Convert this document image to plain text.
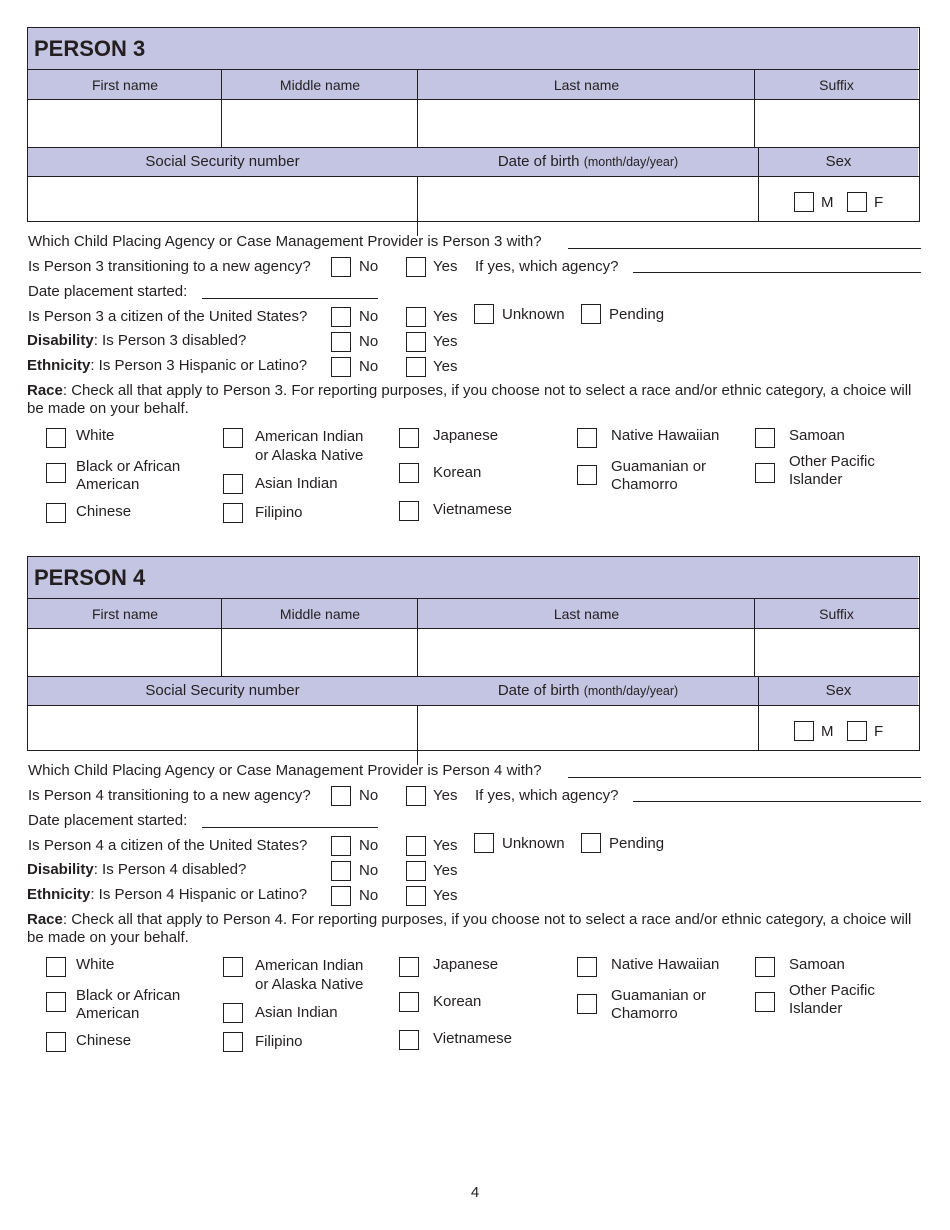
PERSON 3
First name	Middle name	Last name	Suffix
Social Security number	Date of birth (month/day/year)	Sex
M	F
Which Child Placing Agency or Case Management Provider is Person 3 with?
Is Person 3 transitioning to a new agency?	No	Yes If yes, which agency?
Date placement started:
Is Person 3 a citizen of the United States?	No	Yes	Unknown	Pending
Disability: Is Person 3 disabled?	No	Yes
Ethnicity: Is Person 3 Hispanic or Latino?	No	Yes
Race: Check all that apply to Person 3. For reporting purposes, if you choose not to select a race and/or ethnic category, a choice will be made on your behalf.
White
Black or African American
Chinese
American Indian or Alaska Native
Asian Indian
Filipino
Japanese
Korean
Vietnamese
Native Hawaiian
Guamanian or Chamorro
Samoan
Other Pacific Islander
PERSON 4
First name	Middle name	Last name	Suffix
Social Security number	Date of birth (month/day/year)	Sex
M	F
Which Child Placing Agency or Case Management Provider is Person 4 with?
Is Person 4 transitioning to a new agency?	No	Yes If yes, which agency?
Date placement started:
Is Person 4 a citizen of the United States?	No	Yes	Unknown	Pending
Disability: Is Person 4 disabled?	No	Yes
Ethnicity: Is Person 4 Hispanic or Latino?	No	Yes
Race: Check all that apply to Person 4. For reporting purposes, if you choose not to select a race and/or ethnic category, a choice will be made on your behalf.
White
Black or African American
Chinese
American Indian or Alaska Native
Asian Indian
Filipino
Japanese
Korean
Vietnamese
Native Hawaiian
Guamanian or Chamorro
Samoan
Other Pacific Islander
4
